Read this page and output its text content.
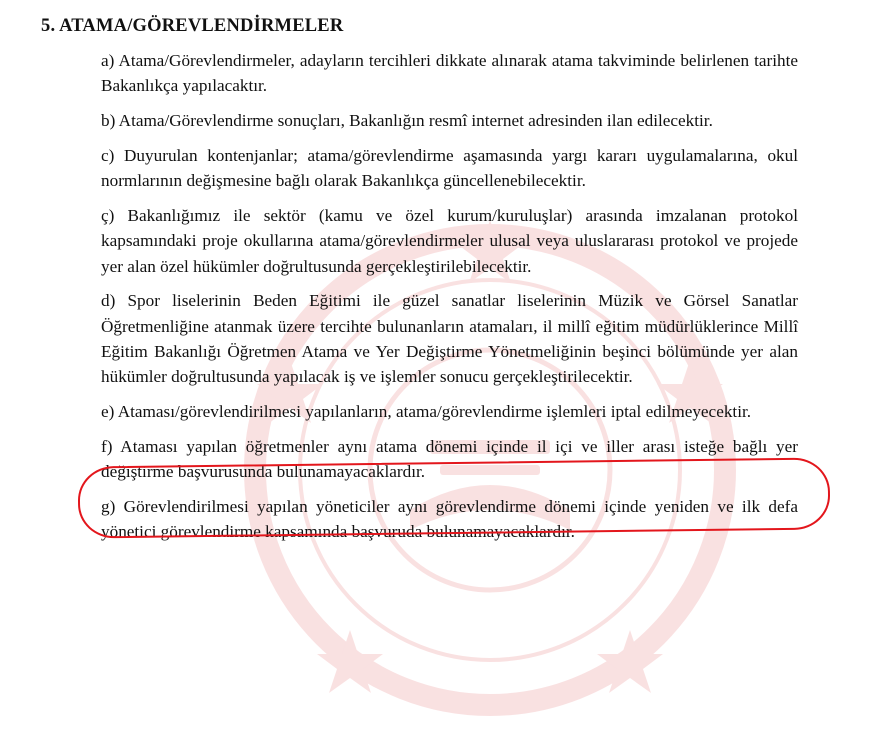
5. ATAMA/GÖREVLENDİRMELER

a) Atama/Görevlendirmeler, adayların tercihleri dikkate alınarak atama takviminde belirlenen tarihte Bakanlıkça yapılacaktır.

b) Atama/Görevlendirme sonuçları, Bakanlığın resmî internet adresinden ilan edilecektir.

c) Duyurulan kontenjanlar; atama/görevlendirme aşamasında yargı kararı uygulamalarına, okul normlarının değişmesine bağlı olarak Bakanlıkça güncellenebilecektir.

ç) Bakanlığımız ile sektör (kamu ve özel kurum/kuruluşlar) arasında imzalanan protokol kapsamındaki proje okullarına atama/görevlendirmeler ulusal veya uluslararası protokol ve projede yer alan özel hükümler doğrultusunda gerçekleştirilebilecektir.

d) Spor liselerinin Beden Eğitimi ile güzel sanatlar liselerinin Müzik ve Görsel Sanatlar Öğretmenliğine atanmak üzere tercihte bulunanların atamaları, il millî eğitim müdürlüklerince Millî Eğitim Bakanlığı Öğretmen Atama ve Yer Değiştirme Yönetmeliğinin beşinci bölümünde yer alan hükümler doğrultusunda yapılacak iş ve işlemler sonucu gerçekleştirilecektir.

e) Ataması/görevlendirilmesi yapılanların, atama/görevlendirme işlemleri iptal edilmeyecektir.

f) Ataması yapılan öğretmenler aynı atama dönemi içinde il içi ve iller arası isteğe bağlı yer değiştirme başvurusunda bulunamayacaklardır.

g) Görevlendirilmesi yapılan yöneticiler aynı görevlendirme dönemi içinde yeniden ve ilk defa yönetici görevlendirme kapsamında başvuruda bulunamayacaklardır.
